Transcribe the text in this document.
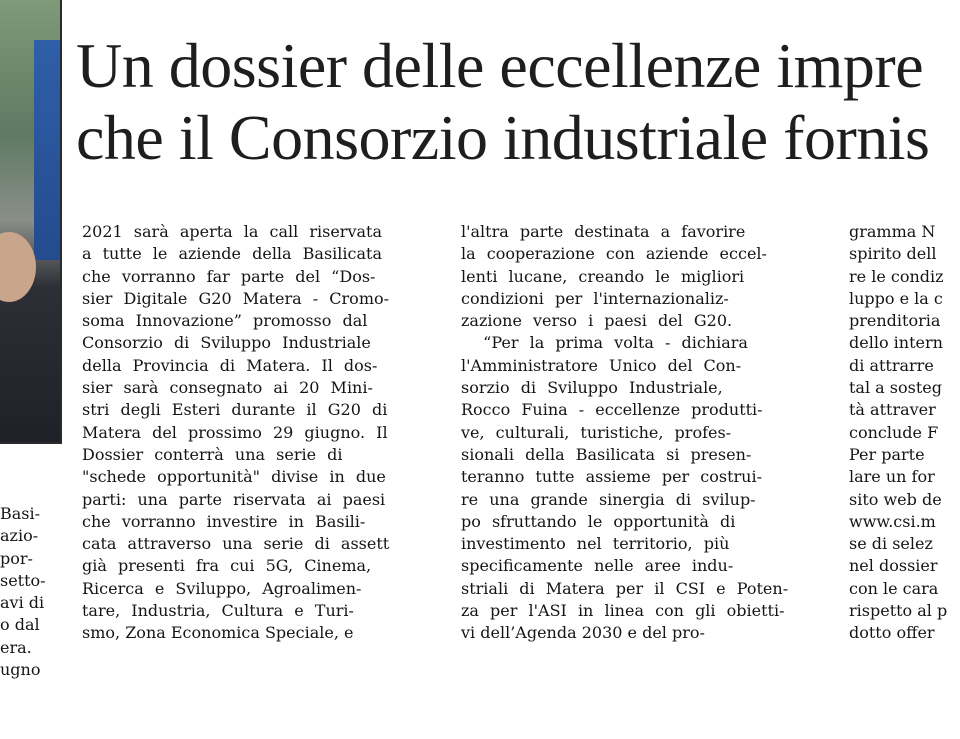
Un dossier delle eccellenze impre
che il Consorzio industriale fornis
Basi-
azio-
por-
setto-
avi di
o dal
era.
ugno
2021 sarà aperta la call riservata
a tutte le aziende della Basilicata
che vorranno far parte del “Dos-
sier Digitale G20 Matera - Cromo-
soma Innovazione” promosso dal
Consorzio di Sviluppo Industriale
della Provincia di Matera. Il dos-
sier sarà consegnato ai 20 Mini-
stri degli Esteri durante il G20 di
Matera del prossimo 29 giugno. Il
Dossier conterrà una serie di
"schede opportunità" divise in due
parti: una parte riservata ai paesi
che vorranno investire in Basili-
cata attraverso una serie di assett
già presenti fra cui 5G, Cinema,
Ricerca e Sviluppo, Agroalimen-
tare, Industria, Cultura e Turi-
smo, Zona Economica Speciale, e
l'altra parte destinata a favorire
la cooperazione con aziende eccel-
lenti lucane, creando le migliori
condizioni per l'internazionaliz-
zazione verso i paesi del G20.
“Per la prima volta - dichiara
l'Amministratore Unico del Con-
sorzio di Sviluppo Industriale,
Rocco Fuina - eccellenze produtti-
ve, culturali, turistiche, profes-
sionali della Basilicata si presen-
teranno tutte assieme per costrui-
re una grande sinergia di svilup-
po sfruttando le opportunità di
investimento nel territorio, più
specificamente nelle aree indu-
striali di Matera per il CSI e Poten-
za per l'ASI in linea con gli obietti-
vi dell’Agenda 2030 e del pro-
gramma N
spirito dell
re le condiz
luppo e la c
prenditoria
dello intern
di attrarre
tal a sosteg
tà attraver
conclude F
Per parte
lare un for
sito web de
www.csi.m
se di selez
nel dossier
con le cara
rispetto al p
dotto offer
